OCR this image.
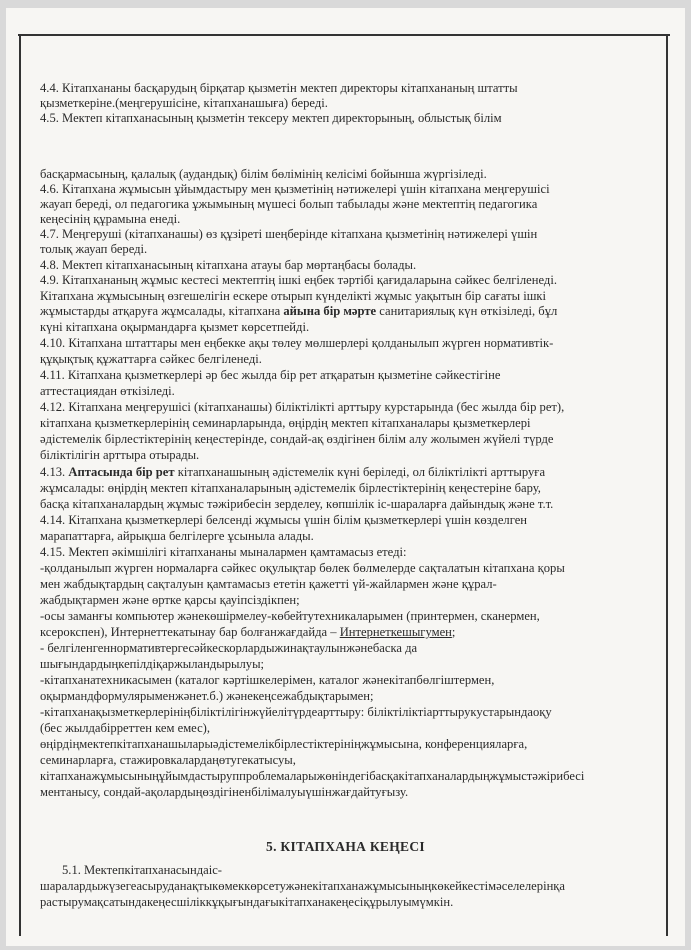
4.4. Кітапхананы басқарудың бірқатар қызметін мектеп директоры кітапхананың штатты
қызметкеріне.(меңгерушісіне, кітапханашыға) береді.
4.5. Мектеп кітапханасының қызметін тексеру мектеп директорының, облыстық білім
басқармасының, қалалық (аудандық) білім бөлімінің келісімі бойынша жүргізіледі.
4.6. Кітапхана жұмысын ұйымдастыру мен қызметінің нәтижелері үшін кітапхана меңгерушісі
жауап береді, ол педагогика ұжымының мүшесі болып табылады және мектептің педагогика
кеңесінің құрамына енеді.
4.7. Меңгеруші (кітапханашы) өз құзіреті шеңберінде кітапхана қызметінің нәтижелері үшін
толық жауап береді.
4.8. Мектеп кітапханасының кітапхана атауы бар мөртаңбасы болады.
4.9. Кітапхананың жұмыс кестесі мектептің ішкі еңбек тәртібі қағидаларына сәйкес белгіленеді.
Кітапхана жұмысының өзгешелігін ескере отырып күнделікті жұмыс уақытын бір сағаты ішкі
жұмыстарды атқаруға жұмсалады, кітапхана айына бір мәрте санитариялық күн өткізіледі, бұл
күні кітапхана оқырмандарға қызмет көрсетпейді.
4.10. Кітапхана штаттары мен еңбекке ақы төлеу мөлшерлері қолданылып жүрген нормативтік-
құқықтық құжаттарға сәйкес белгіленеді.
4.11. Кітапхана қызметкерлері әр бес жылда бір рет атқаратын қызметіне сәйкестігіне
аттестациядан өткізіледі.
4.12. Кітапхана меңгерушісі (кітапханашы) біліктілікті арттыру курстарында (бес жылда бір рет),
кітапхана қызметкерлерінің семинарларында, өңірдің мектеп кітапханалары қызметкерлері
әдістемелік бірлестіктерінің кеңестерінде, сондай-ақ өздігінен білім алу жолымен жүйелі түрде
біліктілігін арттыра отырады.
4.13. Аптасында бір рет кітапханашының әдістемелік күні беріледі, ол біліктілікті арттыруға
жұмсалады: өңірдің мектеп кітапханаларының әдістемелік бірлестіктерінің кеңестеріне бару,
басқа кітапханалардың жұмыс тәжірибесін зерделеу, көпшілік іс-шараларға дайындық және т.т.
4.14. Кітапхана қызметкерлері белсенді жұмысы үшін білім қызметкерлері үшін көзделген
марапаттарға, айрықша белгілерге ұсыныла алады.
4.15. Мектеп әкімшілігі кітапхананы мыналармен қамтамасыз етеді:
-қолданылып жүрген нормаларға сәйкес оқулықтар бөлек бөлмелерде сақталатын кітапхана қоры
мен жабдықтардың сақталуын қамтамасыз ететін қажетті үй-жайлармен және құрал-
жабдықтармен және өртке қарсы қауіпсіздікпен;
-осы заманғы компьютер жәнекөшірмелеу-көбейтутехникаларымен (принтермен, сканермен,
ксерокспен), Интернеттекатынау бар болғанжағдайда – Интернеткешыгумен;
- белгіленгеннормативтергесәйкескорлардыжинақтаулынжәнебаска да
шығындардыңкепілдіқаржыландырылуы;
-кітапханатехникасымен (каталог кәртішкелерімен, каталог жәнекітапбөлгіштермен,
оқырмандформулярыменжәнет.б.) жәнекеңсежабдықтарымен;
-кітапханақызметкерлерініңбіліктілігінжүйелітүрдеарттыру: біліктіліктіарттырукустарындаоқу
(бес жылдабірреттен кем емес),
өңірдіңмектепкітапханашыларыәдістемелікбірлестіктерініңжұмысына, конференцияларға,
семинарларға, стажировкалардаңөтугекатысуы,
кітапханажұмысыныңұйымдастыруппроблемаларыжөніндегібасқакітапханалардыңжұмыстәжірибесі
ментанысу, сондай-ақолардыңөздігіненбілімалуыүшінжағдайтуғызу.
5. КІТАПХАНА КЕҢЕСІ
5.1. Мектепкітапханасындаіс-
шаралардыжүзегеасыруданақтыкөмеккөрсетужәнекітапханажұмысыныңкөкейкестімәселелерінқа
растырумақсатындакеңесшіліккұқығындағыкітапханакеңесіқұрылуымүмкін.
